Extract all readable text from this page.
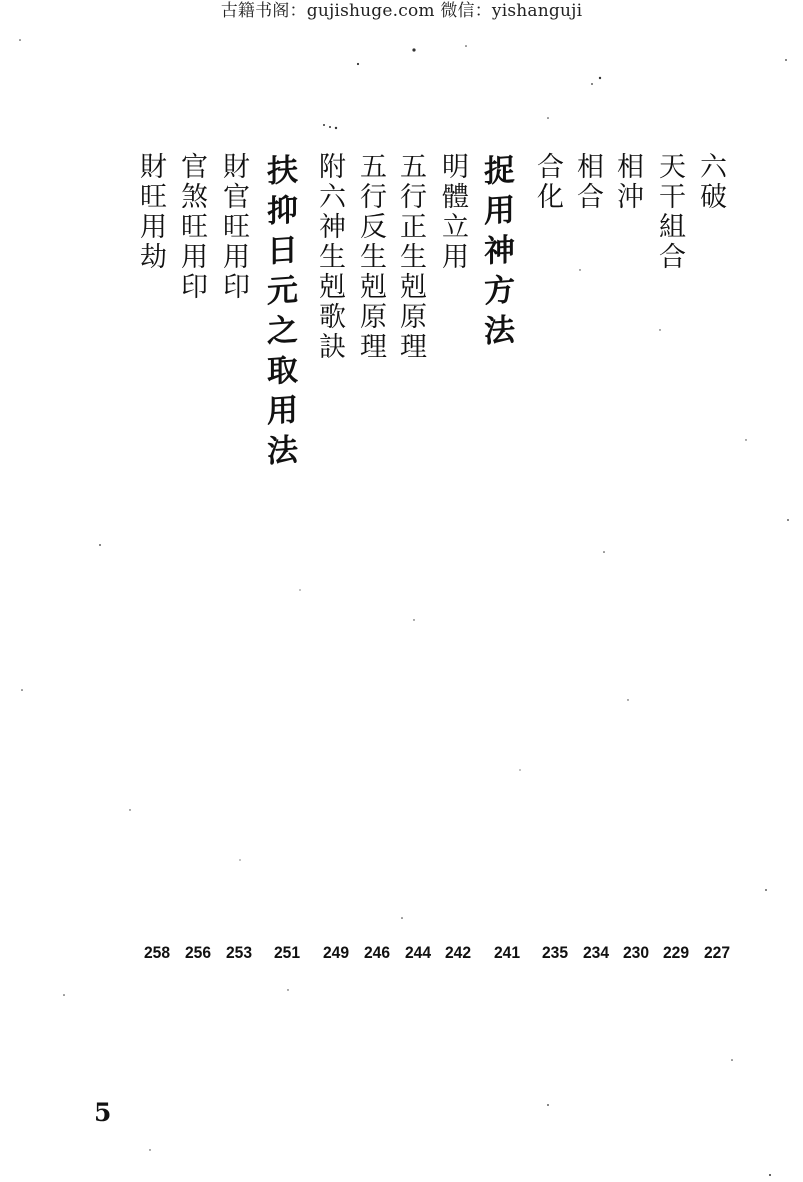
古籍书阁：gujishuge.com 微信：yishanguji
六破
天干組合
相沖
相合
合化
捉用神方法
明體立用
五行正生剋原理
五行反生剋原理
附六神生剋歌訣
扶抑日元之取用法
財官旺用印
官煞旺用印
財旺用劫
227
229
230
234
235
241
242
244
246
249
251
253
256
258
5
